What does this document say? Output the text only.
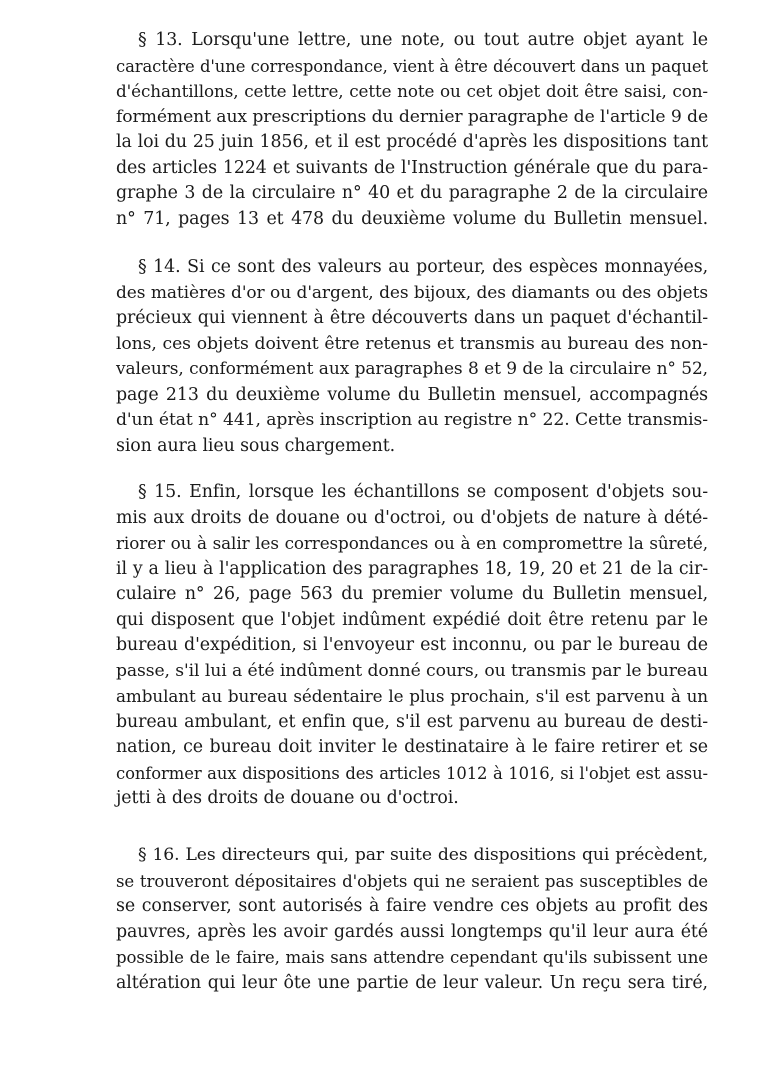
§ 13. Lorsqu'une lettre, une note, ou tout autre objet ayant le
caractère d'une correspondance, vient à être découvert dans un paquet
d'échantillons, cette lettre, cette note ou cet objet doit être saisi, con-
formément aux prescriptions du dernier paragraphe de l'article 9 de
la loi du 25 juin 1856, et il est procédé d'après les dispositions tant
des articles 1224 et suivants de l'Instruction générale que du para-
graphe 3 de la circulaire n° 40 et du paragraphe 2 de la circulaire
n° 71, pages 13 et 478 du deuxième volume du Bulletin mensuel.
§ 14. Si ce sont des valeurs au porteur, des espèces monnayées,
des matières d'or ou d'argent, des bijoux, des diamants ou des objets
précieux qui viennent à être découverts dans un paquet d'échantil-
lons, ces objets doivent être retenus et transmis au bureau des non-
valeurs, conformément aux paragraphes 8 et 9 de la circulaire n° 52,
page 213 du deuxième volume du Bulletin mensuel, accompagnés
d'un état n° 441, après inscription au registre n° 22. Cette transmis-
sion aura lieu sous chargement.
§ 15. Enfin, lorsque les échantillons se composent d'objets sou-
mis aux droits de douane ou d'octroi, ou d'objets de nature à dété-
riorer ou à salir les correspondances ou à en compromettre la sûreté,
il y a lieu à l'application des paragraphes 18, 19, 20 et 21 de la cir-
culaire n° 26, page 563 du premier volume du Bulletin mensuel,
qui disposent que l'objet indûment expédié doit être retenu par le
bureau d'expédition, si l'envoyeur est inconnu, ou par le bureau de
passe, s'il lui a été indûment donné cours, ou transmis par le bureau
ambulant au bureau sédentaire le plus prochain, s'il est parvenu à un
bureau ambulant, et enfin que, s'il est parvenu au bureau de desti-
nation, ce bureau doit inviter le destinataire à le faire retirer et se
conformer aux dispositions des articles 1012 à 1016, si l'objet est assu-
jetti à des droits de douane ou d'octroi.
§ 16. Les directeurs qui, par suite des dispositions qui précèdent,
se trouveront dépositaires d'objets qui ne seraient pas susceptibles de
se conserver, sont autorisés à faire vendre ces objets au profit des
pauvres, après les avoir gardés aussi longtemps qu'il leur aura été
possible de le faire, mais sans attendre cependant qu'ils subissent une
altération qui leur ôte une partie de leur valeur. Un reçu sera tiré,
